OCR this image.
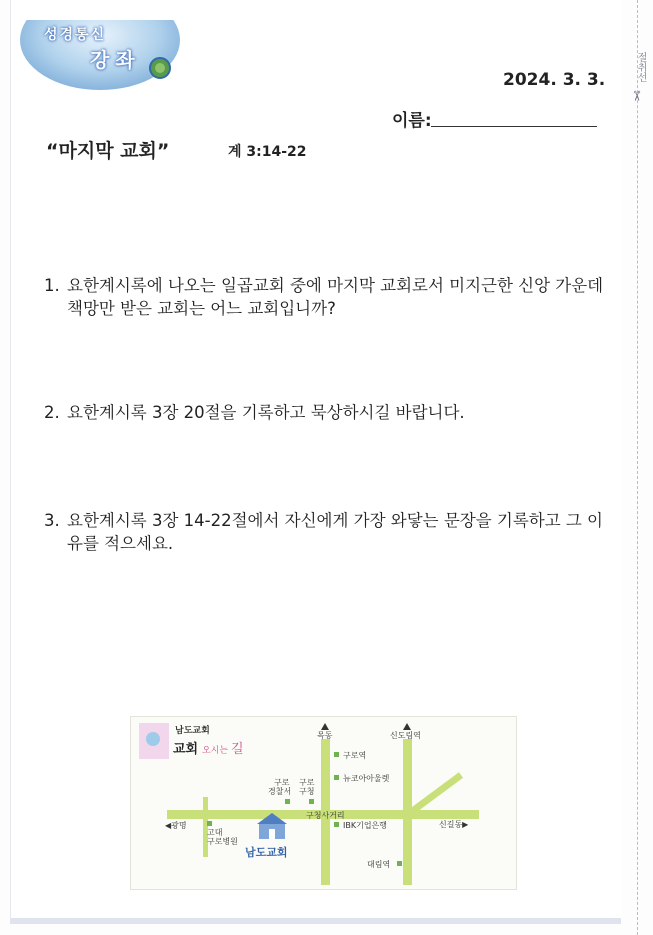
절취선
✂
성경통신
강좌
2024. 3. 3.
이름:
“마지막 교회”	계 3:14-22
1. 요한계시록에 나오는 일곱교회 중에 마지막 교회로서 미지근한 신앙 가운데 책망만 받은 교회는 어느 교회입니까?
2. 요한계시록 3장 20절을 기록하고 묵상하시길 바랍니다.
3. 요한계시록 3장 14-22절에서 자신에게 가장 와닿는 문장을 기록하고 그 이유를 적으세요.
남도교회
교회 오시는 길
목동	신도림역
구로역
뉴코아아울렛
구로
경찰서
구로
구청
구청사거리
◀광명
고대
구로병원
IBK기업은행	신길동▶
대림역
남도교회
